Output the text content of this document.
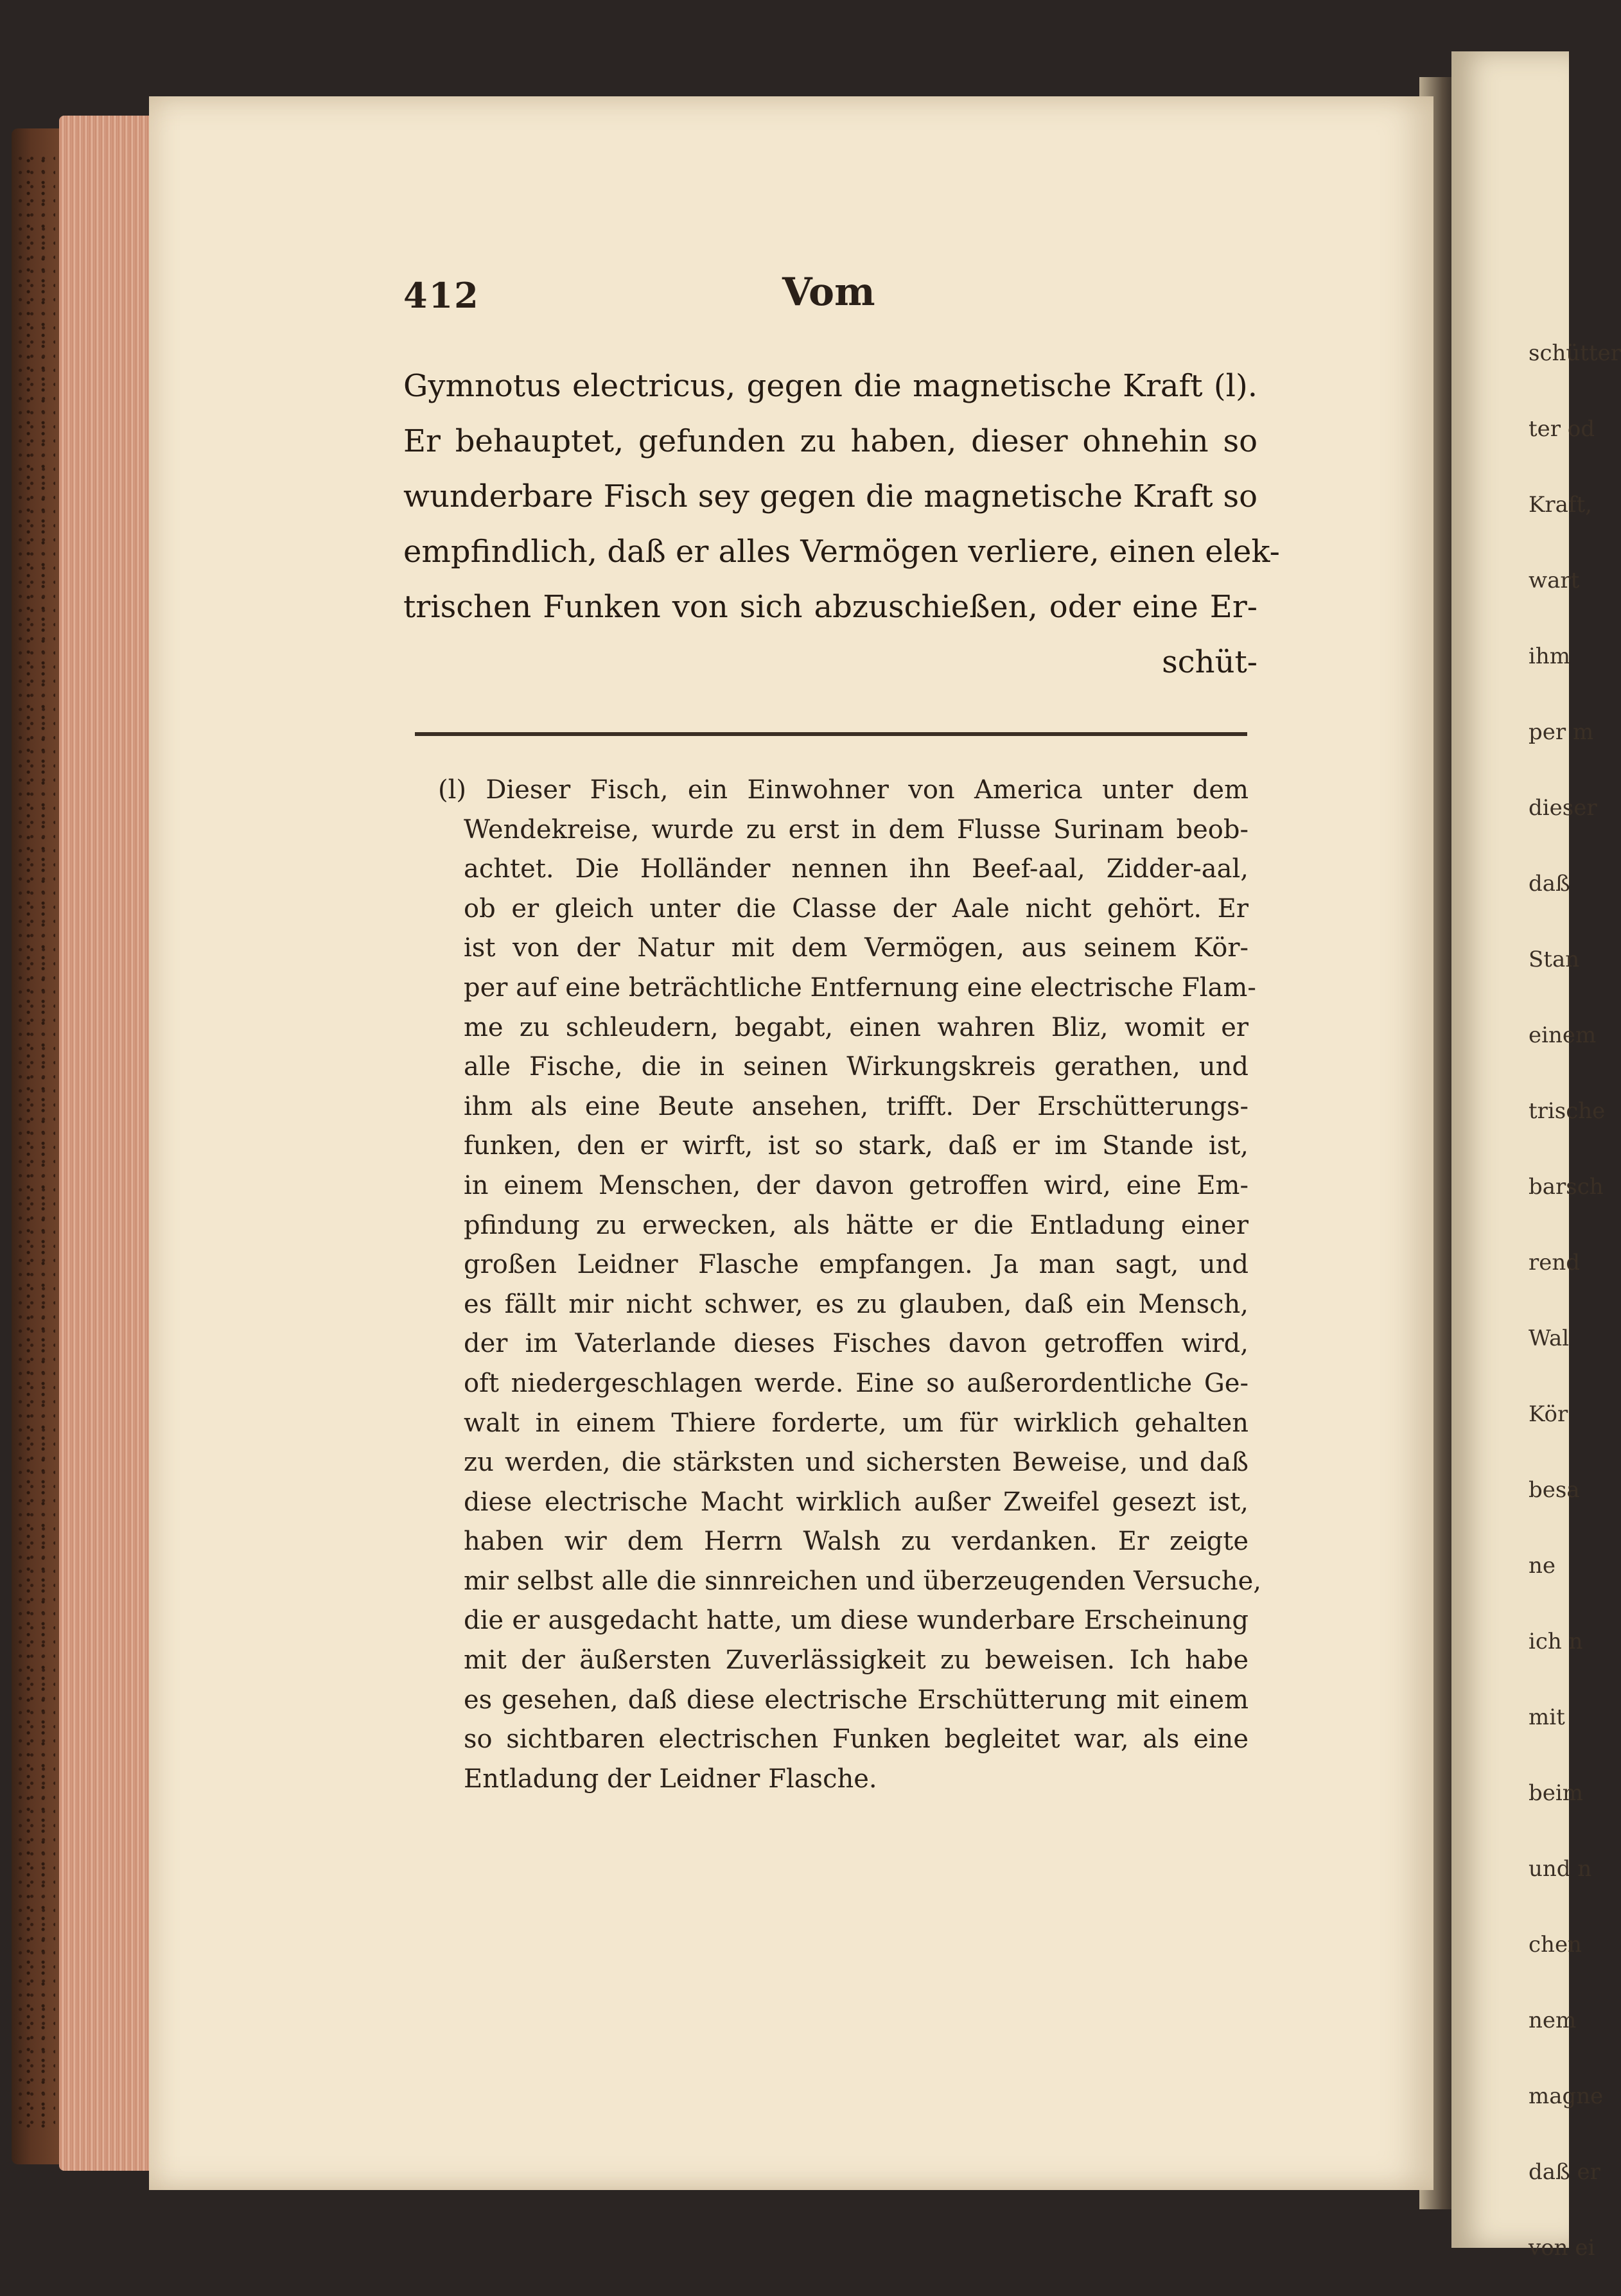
schütter
ter od
Kraft,
wart
ihm
per m
dieser
daß
Stan
einem
trische
barsch
rend
Wal
Kör
besa
ne
ich n
mit
beim
und n
chen
nem
magne
daß er
von ei
412	Vom
Gymnotus electricus, gegen die magnetische Kraft (l).
Er behauptet, gefunden zu haben, dieser ohnehin so
wunderbare Fisch sey gegen die magnetische Kraft so
empfindlich, daß er alles Vermögen verliere, einen elek-
trischen Funken von sich abzuschießen, oder eine Er-
schüt-
(l) Dieser Fisch, ein Einwohner von America unter dem
Wendekreise, wurde zu erst in dem Flusse Surinam beob-
achtet. Die Holländer nennen ihn Beef-aal, Zidder-aal,
ob er gleich unter die Classe der Aale nicht gehört. Er
ist von der Natur mit dem Vermögen, aus seinem Kör-
per auf eine beträchtliche Entfernung eine electrische Flam-
me zu schleudern, begabt, einen wahren Bliz, womit er
alle Fische, die in seinen Wirkungskreis gerathen, und
ihm als eine Beute ansehen, trifft. Der Erschütterungs-
funken, den er wirft, ist so stark, daß er im Stande ist,
in einem Menschen, der davon getroffen wird, eine Em-
pfindung zu erwecken, als hätte er die Entladung einer
großen Leidner Flasche empfangen. Ja man sagt, und
es fällt mir nicht schwer, es zu glauben, daß ein Mensch,
der im Vaterlande dieses Fisches davon getroffen wird,
oft niedergeschlagen werde. Eine so außerordentliche Ge-
walt in einem Thiere forderte, um für wirklich gehalten
zu werden, die stärksten und sichersten Beweise, und daß
diese electrische Macht wirklich außer Zweifel gesezt ist,
haben wir dem Herrn Walsh zu verdanken. Er zeigte
mir selbst alle die sinnreichen und überzeugenden Versuche,
die er ausgedacht hatte, um diese wunderbare Erscheinung
mit der äußersten Zuverlässigkeit zu beweisen. Ich habe
es gesehen, daß diese electrische Erschütterung mit einem
so sichtbaren electrischen Funken begleitet war, als eine
Entladung der Leidner Flasche.
